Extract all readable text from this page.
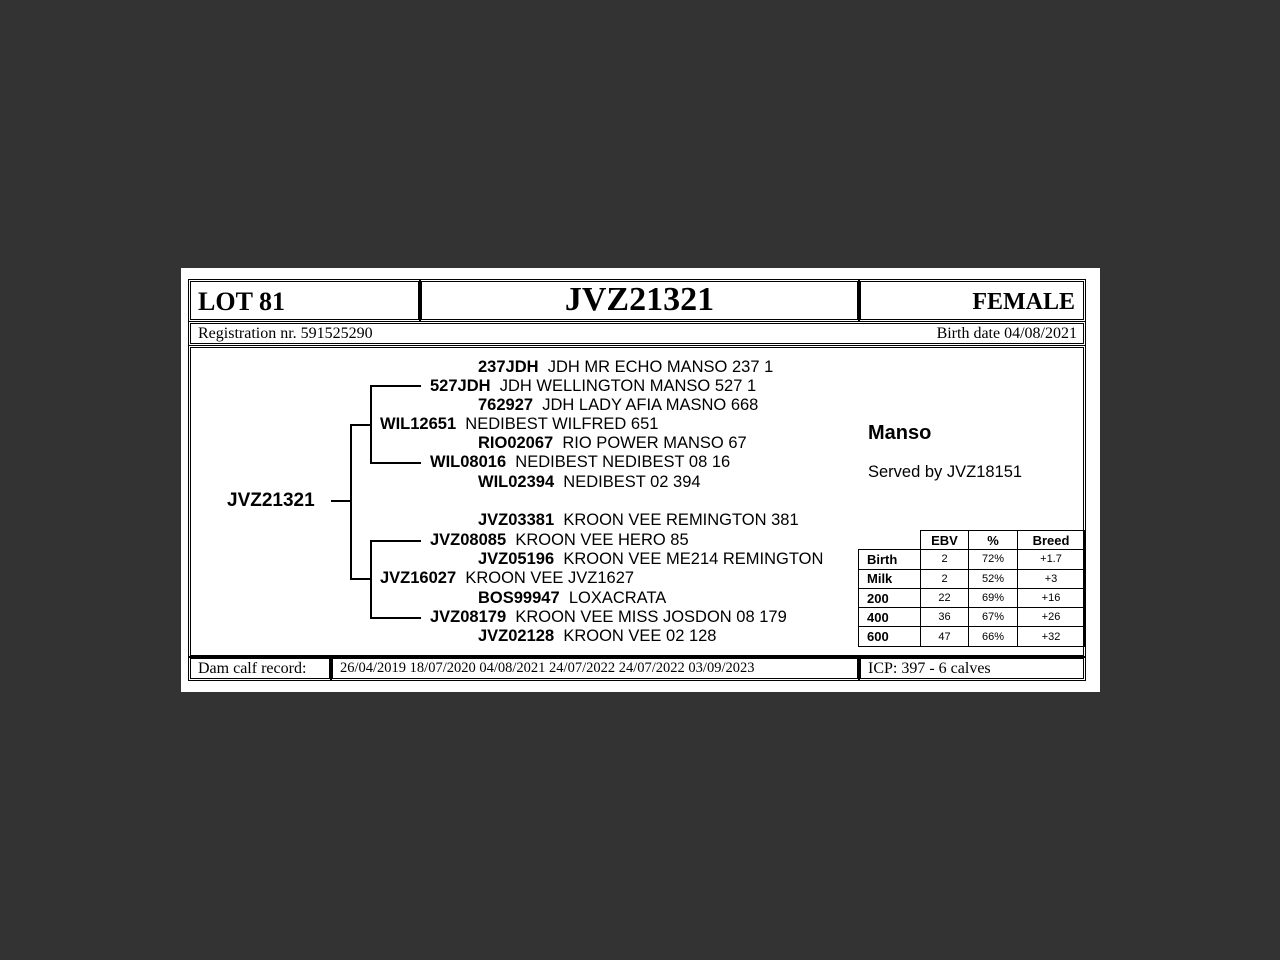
LOT 81	JVZ21321	FEMALE
Registration nr. 591525290	Birth date 04/08/2021
JVZ21321
237JDH JDH MR ECHO MANSO 237 1
527JDH JDH WELLINGTON MANSO 527 1
762927 JDH LADY AFIA MASNO 668
WIL12651 NEDIBEST WILFRED 651
RIO02067 RIO POWER MANSO 67
WIL08016 NEDIBEST NEDIBEST 08 16
WIL02394 NEDIBEST 02 394
JVZ03381 KROON VEE REMINGTON 381
JVZ08085 KROON VEE HERO 85
JVZ05196 KROON VEE ME214 REMINGTON
JVZ16027 KROON VEE JVZ1627
BOS99947  LOXACRATA
JVZ08179 KROON VEE MISS JOSDON 08 179
JVZ02128 KROON VEE 02 128
Manso
Served by JVZ18151
	EBV	%	Breed
Birth	2	72%	+1.7
Milk	2	52%	+3
200	22	69%	+16
400	36	67%	+26
600	47	66%	+32
Dam calf record: 26/04/2019 18/07/2020 04/08/2021 24/07/2022 24/07/2022 03/09/2023	ICP: 397 - 6 calves
